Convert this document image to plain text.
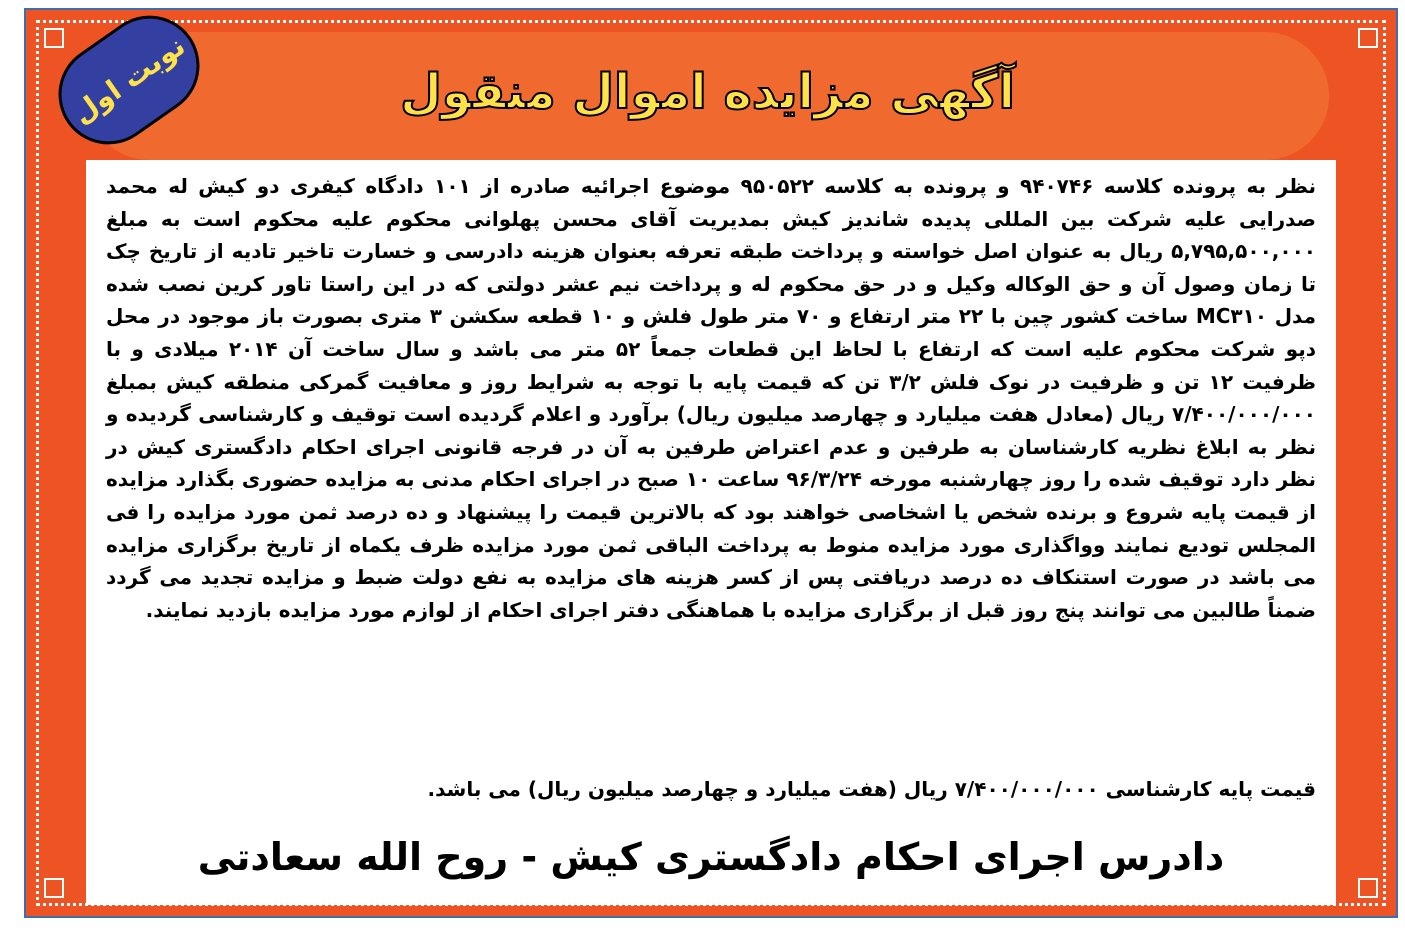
آگهی مزایده اموال منقول
نوبت اول
نظر به پرونده کلاسه ۹۴۰۷۴۶ و پرونده به کلاسه ۹۵۰۵۲۲ موضوع اجرائیه صادره از ۱۰۱ دادگاه کیفری دو کیش له محمد صدرایی علیه شرکت بین المللی پدیده شاندیز کیش بمدیریت آقای محسن پهلوانی محکوم علیه محکوم است به مبلغ ۵,۷۹۵,۵۰۰,۰۰۰ ریال به عنوان اصل خواسته و پرداخت طبقه تعرفه بعنوان هزینه دادرسی و خسارت تاخیر تادیه از تاریخ چک تا زمان وصول آن و حق الوکاله وکیل و در حق محکوم له و پرداخت نیم عشر دولتی که در این راستا تاور کرین نصب شده مدل MC۳۱۰ ساخت کشور چین با ۲۲ متر ارتفاع و ۷۰ متر طول فلش و ۱۰ قطعه سکشن ۳ متری بصورت باز موجود در محل دپو شرکت محکوم علیه است که ارتفاع با لحاظ این قطعات جمعاً ۵۲ متر می باشد و سال ساخت آن ۲۰۱۴ میلادی و با ظرفیت ۱۲ تن و ظرفیت در نوک فلش ۳/۲ تن که قیمت پایه با توجه به شرایط روز و معافیت گمرکی منطقه کیش بمبلغ ۷/۴۰۰/۰۰۰/۰۰۰ ریال (معادل هفت میلیارد و چهارصد میلیون ریال) برآورد و اعلام گردیده است توقیف و کارشناسی گردیده و نظر به ابلاغ نظریه کارشناسان به طرفین و عدم اعتراض طرفین به آن در فرجه قانونی اجرای احکام دادگستری کیش در نظر دارد توقیف شده را روز چهارشنبه مورخه ۹۶/۳/۲۴ ساعت ۱۰ صبح در اجرای احکام مدنی به مزایده حضوری بگذارد مزایده از قیمت پایه شروع و برنده شخص یا اشخاصی خواهند بود که بالاترین قیمت را پیشنهاد و ده درصد ثمن مورد مزایده را فی المجلس تودیع نمایند وواگذاری مورد مزایده منوط به پرداخت الباقی ثمن مورد مزایده ظرف یکماه از تاریخ برگزاری مزایده می باشد در صورت استنکاف ده درصد دریافتی پس از کسر هزینه های مزایده به نفع دولت ضبط و مزایده تجدید می گردد ضمناً طالبین می توانند پنج روز قبل از برگزاری مزایده با هماهنگی دفتر اجرای احکام از لوازم مورد مزایده بازدید نمایند.
قیمت پایه کارشناسی ۷/۴۰۰/۰۰۰/۰۰۰ ریال (هفت میلیارد و چهارصد میلیون ریال) می باشد.
دادرس اجرای احکام دادگستری کیش - روح الله سعادتی
